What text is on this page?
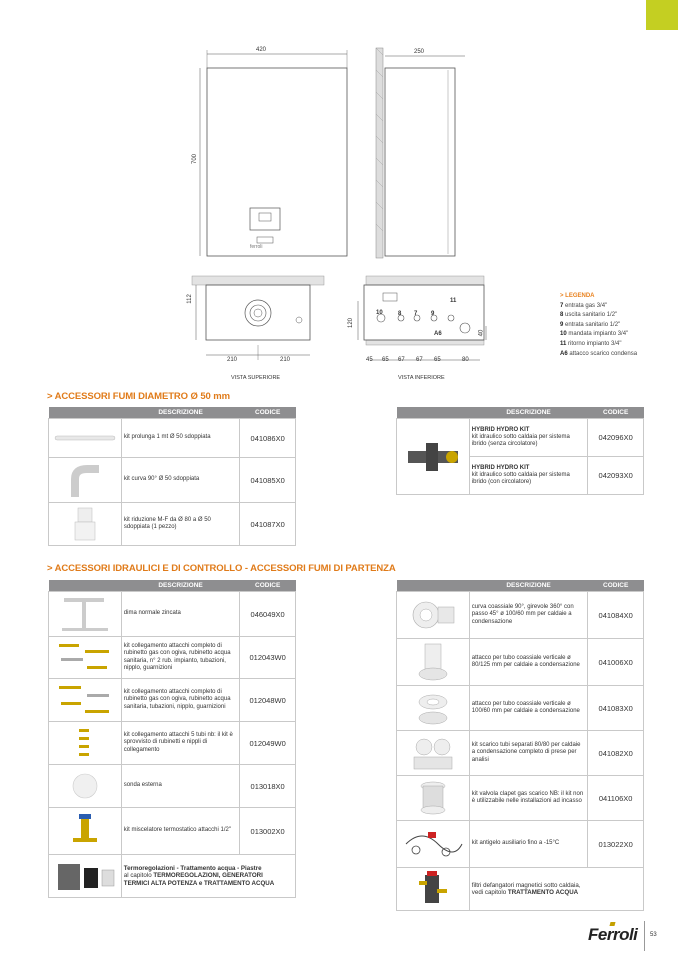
420
700
250
ferroli
112
210	210
VISTA SUPERIORE
120
40
45 65 67 67 65	80
VISTA INFERIORE
10	8 7 9
11
A6
> LEGENDA
7 entrata gas 3/4"
8 uscita sanitario 1/2"
9 entrata sanitario 1/2"
10 mandata impianto 3/4"
11 ritorno impianto 3/4"
A6 attacco scarico condensa
> ACCESSORI FUMI DIAMETRO Ø 50 mm
	DESCRIZIONE	CODICE

	kit prolunga 1 mt Ø 50 sdoppiata	041086X0

	kit curva 90° Ø 50 sdoppiata	041085X0

	kit riduzione M-F da Ø 80 a Ø 50 sdoppiata (1 pezzo)	041087X0
	DESCRIZIONE	CODICE

	HYBRID HYDRO KIT
kit idraulico sotto caldaia per sistema ibrido (senza circolatore)	042096X0
	HYBRID HYDRO KIT
kit idraulico sotto caldaia per sistema ibrido (con circolatore)	042093X0
> ACCESSORI IDRAULICI E DI CONTROLLO - ACCESSORI FUMI DI PARTENZA
	DESCRIZIONE	CODICE

	dima normale zincata	046049X0

	kit collegamento attacchi completo di rubinetto gas con ogiva, rubinetto acqua sanitaria, n° 2 rub. impianto, tubazioni, nipplo, guarnizioni	012043W0

	kit collegamento attacchi completo di rubinetto gas con ogiva, rubinetto acqua sanitaria, tubazioni, nipplo, guarnizioni	012048W0

	kit collegamento attacchi 5 tubi nb: il kit è sprovvisto di rubinetti e nippli di collegamento	012049W0

	sonda esterna	013018X0

	kit miscelatore termostatico attacchi 1/2"	013002X0

	Termoregolazioni - Trattamento acqua - Piastre
al capitolo TERMOREGOLAZIONI, GENERATORI
TERMICI ALTA POTENZA e TRATTAMENTO ACQUA	
	DESCRIZIONE	CODICE

	curva coassiale 90°, girevole 360° con passo 45° ø 100/60 mm per caldaie a condensazione	041084X0

	attacco per tubo coassiale verticale ø 80/125 mm per caldaie a condensazione	041006X0

	attacco per tubo coassiale verticale ø 100/60 mm per caldaie a condensazione	041083X0

	kit scarico tubi separati 80/80 per caldaie a condensazione completo di prese per analisi	041082X0

	kit valvola clapet gas scarico NB: il kit non è utilizzabile nelle installazioni ad incasso	041106X0

	kit antigelo ausiliario fino a -15°C	013022X0

	filtri defangatori magnetici sotto caldaia,
vedi capitolo TRATTAMENTO ACQUA	
Ferroli 53
